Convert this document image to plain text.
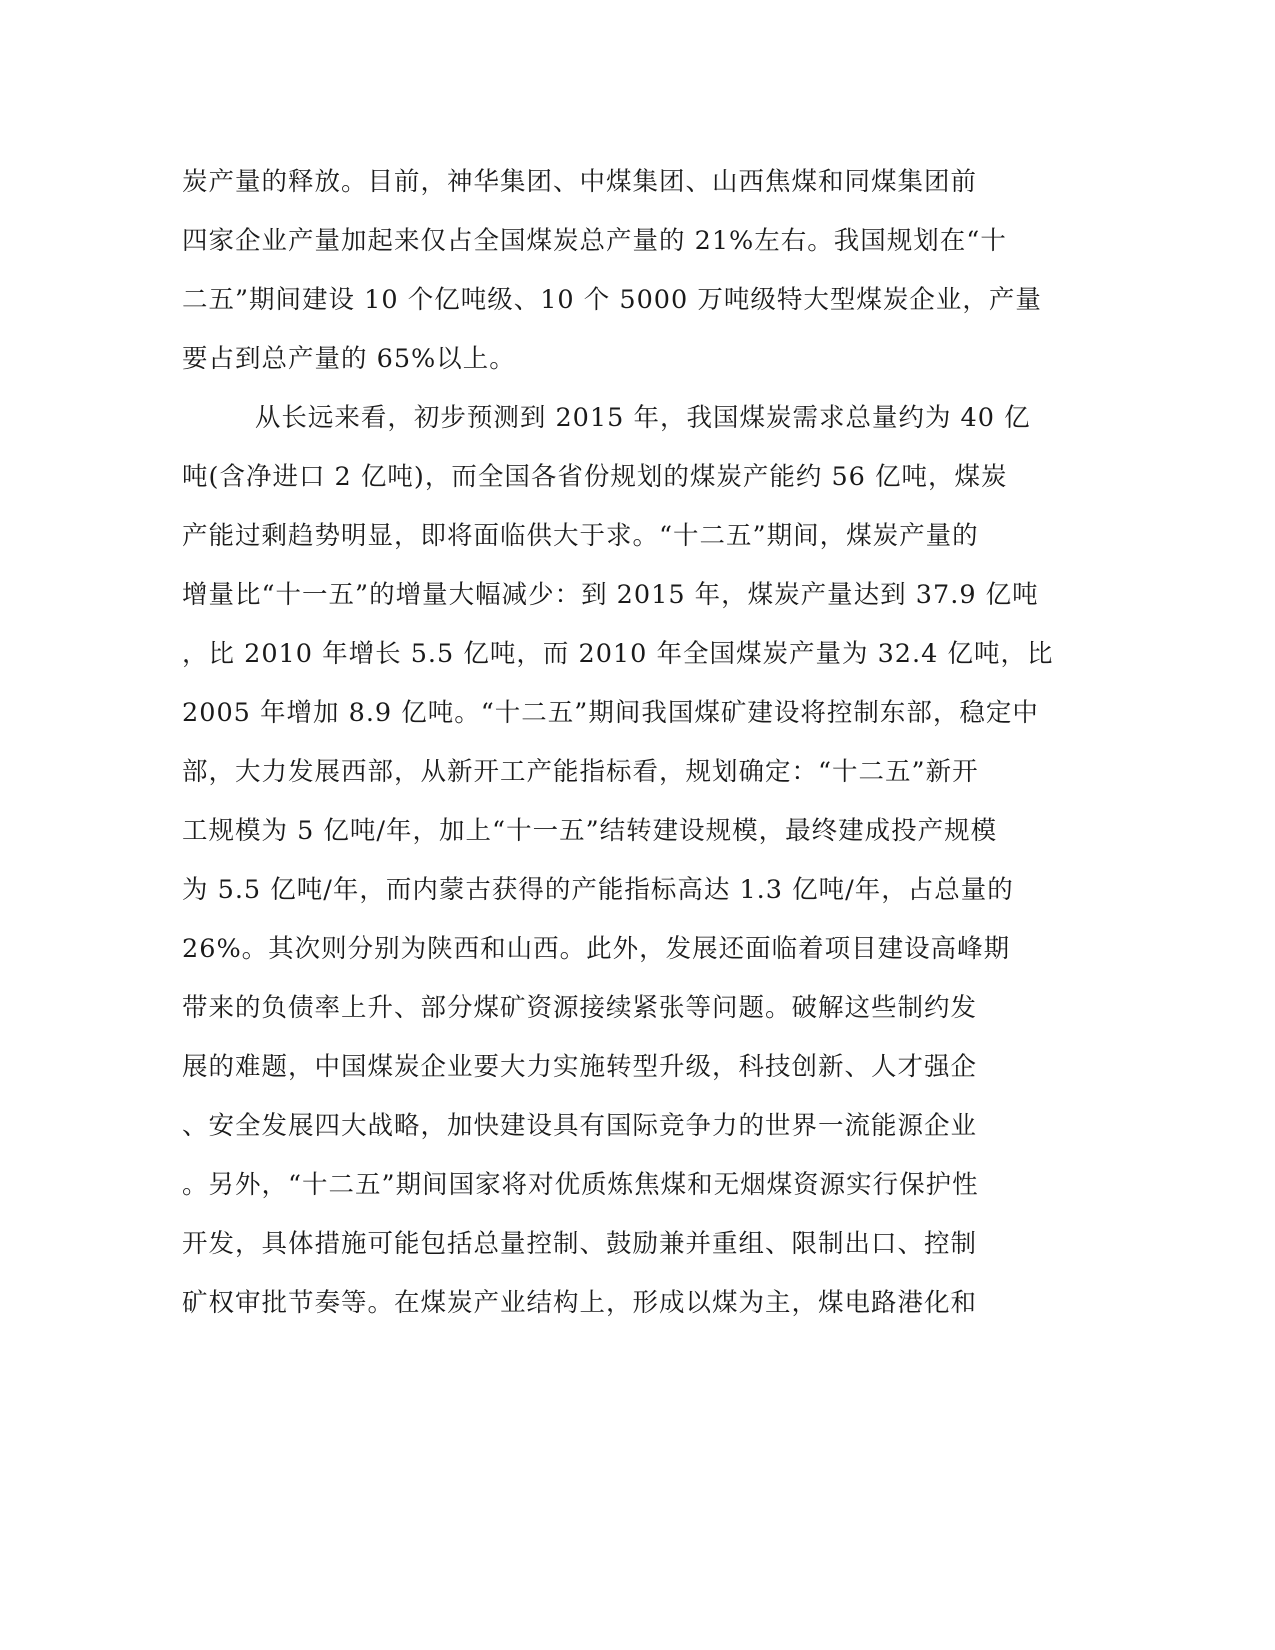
炭产量的释放。目前，神华集团、中煤集团、山西焦煤和同煤集团前
四家企业产量加起来仅占全国煤炭总产量的 21%左右。我国规划在“十
二五”期间建设 10 个亿吨级、10 个 5000 万吨级特大型煤炭企业，产量
要占到总产量的 65%以上。
从长远来看，初步预测到 2015 年，我国煤炭需求总量约为 40 亿
吨(含净进口 2 亿吨)，而全国各省份规划的煤炭产能约 56 亿吨，煤炭
产能过剩趋势明显，即将面临供大于求。“十二五”期间，煤炭产量的
增量比“十一五”的增量大幅减少：到 2015 年，煤炭产量达到 37.9 亿吨
，比 2010 年增长 5.5 亿吨，而 2010 年全国煤炭产量为 32.4 亿吨，比
2005 年增加 8.9 亿吨。“十二五”期间我国煤矿建设将控制东部，稳定中
部，大力发展西部，从新开工产能指标看，规划确定：“十二五”新开
工规模为 5 亿吨/年，加上“十一五”结转建设规模，最终建成投产规模
为 5.5 亿吨/年，而内蒙古获得的产能指标高达 1.3 亿吨/年，占总量的
26%。其次则分别为陕西和山西。此外，发展还面临着项目建设高峰期
带来的负债率上升、部分煤矿资源接续紧张等问题。破解这些制约发
展的难题，中国煤炭企业要大力实施转型升级，科技创新、人才强企
、安全发展四大战略，加快建设具有国际竞争力的世界一流能源企业
。另外，“十二五”期间国家将对优质炼焦煤和无烟煤资源实行保护性
开发，具体措施可能包括总量控制、鼓励兼并重组、限制出口、控制
矿权审批节奏等。在煤炭产业结构上，形成以煤为主，煤电路港化和
